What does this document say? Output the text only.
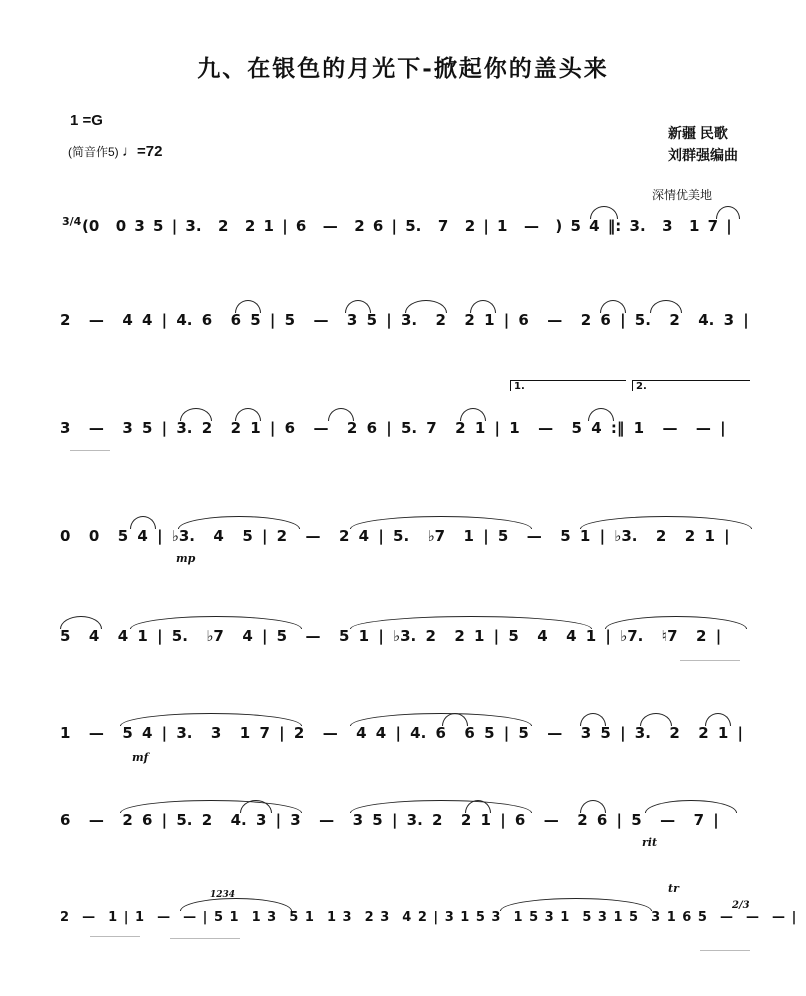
九、在银色的月光下-掀起你的盖头来
1 =G
(简音作5) ♩=72
新疆 民歌
刘群强编曲
深情优美地
3/4 (0  0 3 5 | 3.  2  2 1 | 6  —  2 6 | 5.  7  2 | 1  —  ) 5 4 ‖: 3.  3  1 7 |
2  —  4 4 | 4. 6  6 5 | 5  —  3 5 | 3.  2  2 1 | 6  —  2 6 | 5.  2  4. 3 |
1.	2.
3  —  3 5 | 3. 2  2 1 | 6  —  2 6 | 5. 7  2 1 | 1  —  5 4 :‖ 1  —  — |
0  0  5 4 | ♭3.  4  5 | 2  —  2 4 | 5.  ♭7  1 | 5  —  5 1 | ♭3.  2  2 1 |
mp
5  4  4 1 | 5.  ♭7  4 | 5  —  5 1 | ♭3. 2  2 1 | 5  4  4 1 | ♭7.  ♮7  2 |
1  —  5 4 | 3.  3  1 7 | 2  —  4 4 | 4. 6  6 5 | 5  —  3 5 | 3.  2  2 1 |
mf
6  —  2 6 | 5. 2  4. 3 | 3  —  3 5 | 3. 2  2 1 | 6  —  2 6 | 5  —  7 |
rit
1234	tr
2  —  1 | 1  —  — | 5 1  1 3  5 1  1 3  2 3  4 2 | 3 1 5 3  1 5 3 1  5 3 1 5  3 1 6 5  —  —  — |
2/3
